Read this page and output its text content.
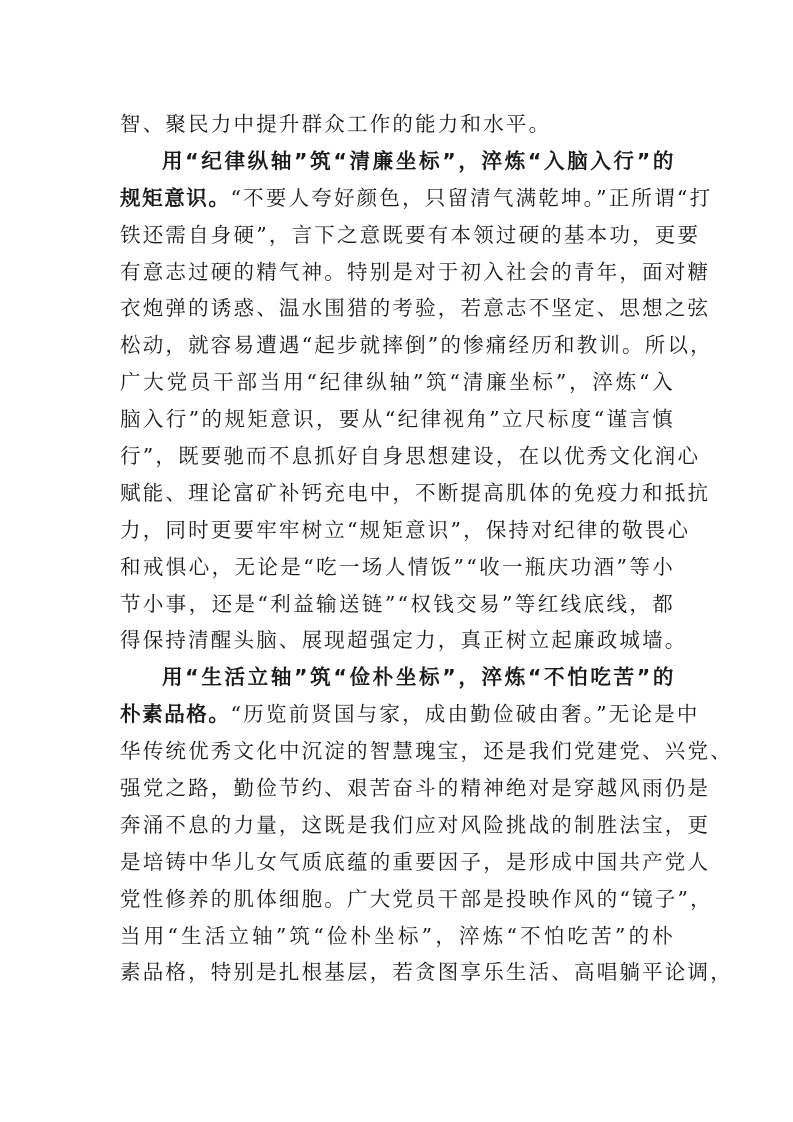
智、聚民力中提升群众工作的能力和水平。
用“纪律纵轴”筑“清廉坐标”，淬炼“入脑入行”的
规矩意识。“不要人夸好颜色，只留清气满乾坤。”正所谓“打
铁还需自身硬”，言下之意既要有本领过硬的基本功，更要
有意志过硬的精气神。特别是对于初入社会的青年，面对糖
衣炮弹的诱惑、温水围猎的考验，若意志不坚定、思想之弦
松动，就容易遭遇“起步就摔倒”的惨痛经历和教训。所以，
广大党员干部当用“纪律纵轴”筑“清廉坐标”，淬炼“入
脑入行”的规矩意识，要从“纪律视角”立尺标度“谨言慎
行”，既要驰而不息抓好自身思想建设，在以优秀文化润心
赋能、理论富矿补钙充电中，不断提高肌体的免疫力和抵抗
力，同时更要牢牢树立“规矩意识”，保持对纪律的敬畏心
和戒惧心，无论是“吃一场人情饭”“收一瓶庆功酒”等小
节小事，还是“利益输送链”“权钱交易”等红线底线，都
得保持清醒头脑、展现超强定力，真正树立起廉政城墙。
用“生活立轴”筑“俭朴坐标”，淬炼“不怕吃苦”的
朴素品格。“历览前贤国与家，成由勤俭破由奢。”无论是中
华传统优秀文化中沉淀的智慧瑰宝，还是我们党建党、兴党、
强党之路，勤俭节约、艰苦奋斗的精神绝对是穿越风雨仍是
奔涌不息的力量，这既是我们应对风险挑战的制胜法宝，更
是培铸中华儿女气质底蕴的重要因子，是形成中国共产党人
党性修养的肌体细胞。广大党员干部是投映作风的“镜子”，
当用“生活立轴”筑“俭朴坐标”，淬炼“不怕吃苦”的朴
素品格，特别是扎根基层，若贪图享乐生活、高唱躺平论调，
